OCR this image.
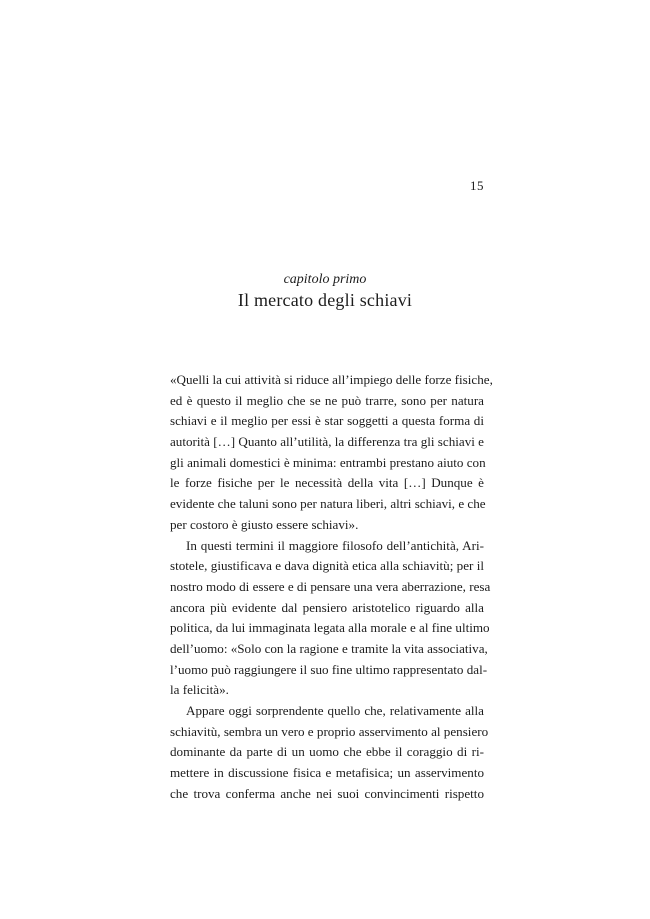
15

capitolo primo

Il mercato degli schiavi
«Quelli la cui attività si riduce all’impiego delle forze fisiche,
ed è questo il meglio che se ne può trarre, sono per natura
schiavi e il meglio per essi è star soggetti a questa forma di
autorità […] Quanto all’utilità, la differenza tra gli schiavi e
gli animali domestici è minima: entrambi prestano aiuto con
le forze fisiche per le necessità della vita […] Dunque è
evidente che taluni sono per natura liberi, altri schiavi, e che
per costoro è giusto essere schiavi».
In questi termini il maggiore filosofo dell’antichità, Ari-
stotele, giustificava e dava dignità etica alla schiavitù; per il
nostro modo di essere e di pensare una vera aberrazione, resa
ancora più evidente dal pensiero aristotelico riguardo alla
politica, da lui immaginata legata alla morale e al fine ultimo
dell’uomo: «Solo con la ragione e tramite la vita associativa,
l’uomo può raggiungere il suo fine ultimo rappresentato dal-
la felicità».
Appare oggi sorprendente quello che, relativamente alla
schiavitù, sembra un vero e proprio asservimento al pensiero
dominante da parte di un uomo che ebbe il coraggio di ri-
mettere in discussione fisica e metafisica; un asservimento
che trova conferma anche nei suoi convincimenti rispetto
